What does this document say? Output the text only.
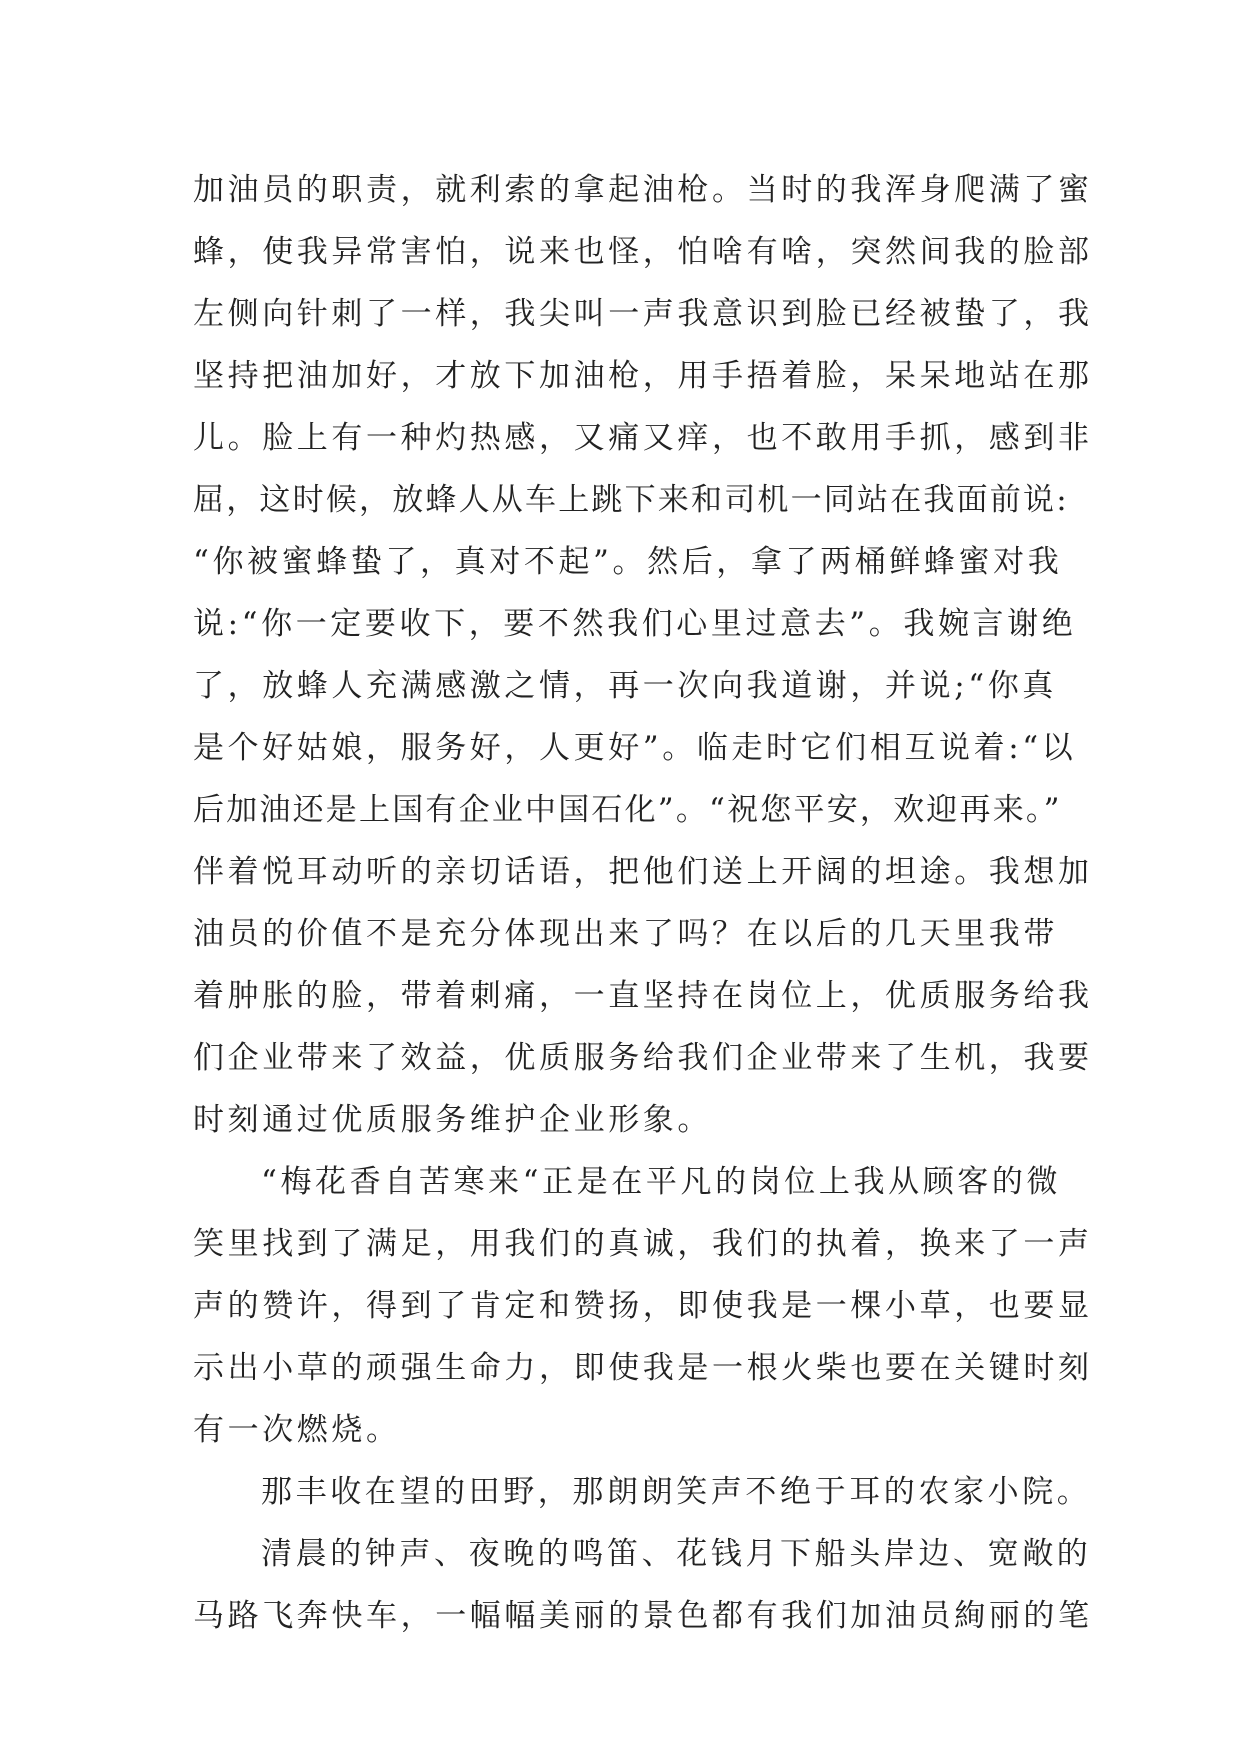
加油员的职责，就利索的拿起油枪。当时的我浑身爬满了蜜
蜂，使我异常害怕，说来也怪，怕啥有啥，突然间我的脸部
左侧向针刺了一样，我尖叫一声我意识到脸已经被蛰了，我
坚持把油加好，才放下加油枪，用手捂着脸，呆呆地站在那
儿。脸上有一种灼热感，又痛又痒，也不敢用手抓，感到非
屈，这时候，放蜂人从车上跳下来和司机一同站在我面前说:
“你被蜜蜂蛰了，真对不起”。然后，拿了两桶鲜蜂蜜对我
说:“你一定要收下，要不然我们心里过意去”。我婉言谢绝
了，放蜂人充满感激之情，再一次向我道谢，并说;“你真
是个好姑娘，服务好，人更好”。临走时它们相互说着:“以
后加油还是上国有企业中国石化”。“祝您平安，欢迎再来。”
伴着悦耳动听的亲切话语，把他们送上开阔的坦途。我想加
油员的价值不是充分体现出来了吗？在以后的几天里我带
着肿胀的脸，带着刺痛，一直坚持在岗位上，优质服务给我
们企业带来了效益，优质服务给我们企业带来了生机，我要
时刻通过优质服务维护企业形象。
“梅花香自苦寒来“正是在平凡的岗位上我从顾客的微
笑里找到了满足，用我们的真诚，我们的执着，换来了一声
声的赞许，得到了肯定和赞扬，即使我是一棵小草，也要显
示出小草的顽强生命力，即使我是一根火柴也要在关键时刻
有一次燃烧。
那丰收在望的田野，那朗朗笑声不绝于耳的农家小院。
清晨的钟声、夜晚的鸣笛、花钱月下船头岸边、宽敞的
马路飞奔快车，一幅幅美丽的景色都有我们加油员絢丽的笔
